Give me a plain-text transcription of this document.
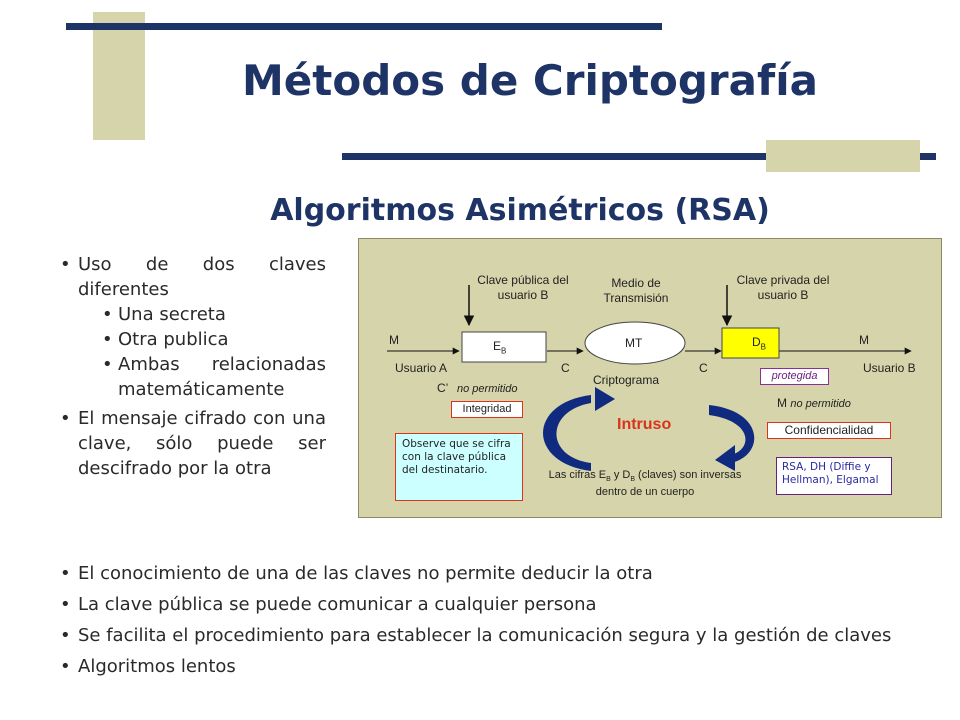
Métodos de Criptografía
Algoritmos Asimétricos (RSA)
• Uso de dos claves diferentes
• Una secreta
• Otra publica
• Ambas relacionadas matemáticamente
• El mensaje cifrado con una clave, sólo puede ser descifrado por la otra
Clave pública del usuario B
Medio de Transmisión
Clave privada del usuario B
M	M
Usuario A	Usuario B
$E_B$
MT	$D_B$
C	C
Criptograma	protegida
C’ no permitido
Integridad
Intruso
M no permitido
Confidencialidad
Observe que se cifra con la clave pública del destinatario.	Las cifras $E_B$ y $D_B$ (claves) son inversas dentro de un cuerpo
RSA, DH (Diffie y Hellman), Elgamal
• El conocimiento de una de las claves no permite deducir la otra
• La clave pública se puede comunicar a cualquier persona
• Se facilita el procedimiento para establecer la comunicación segura y la gestión de claves
• Algoritmos lentos
